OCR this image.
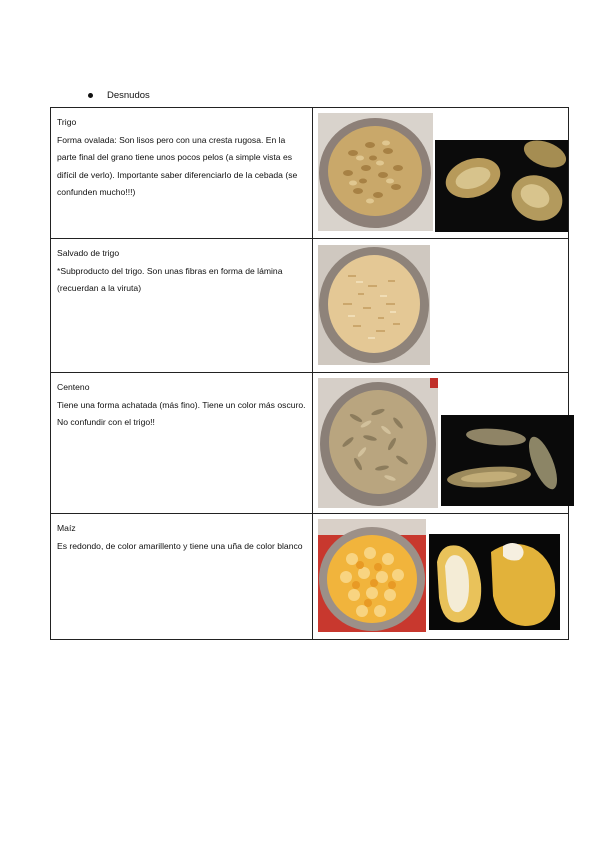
Desnudos
Trigo
Forma ovalada: Son lisos pero con una cresta rugosa. En la parte final del grano tiene unos pocos pelos (a simple vista es difícil de verlo). Importante saber diferenciarlo de la cebada (se confunden mucho!!!)	

Salvado de trigo
*Subproducto del trigo. Son unas fibras en forma de lámina (recuerdan a la viruta)	

Centeno
Tiene una forma achatada (más fino). Tiene un color más oscuro. No confundir con el trigo!!	

Maíz
Es redondo, de color amarillento y tiene una uña de color blanco	
